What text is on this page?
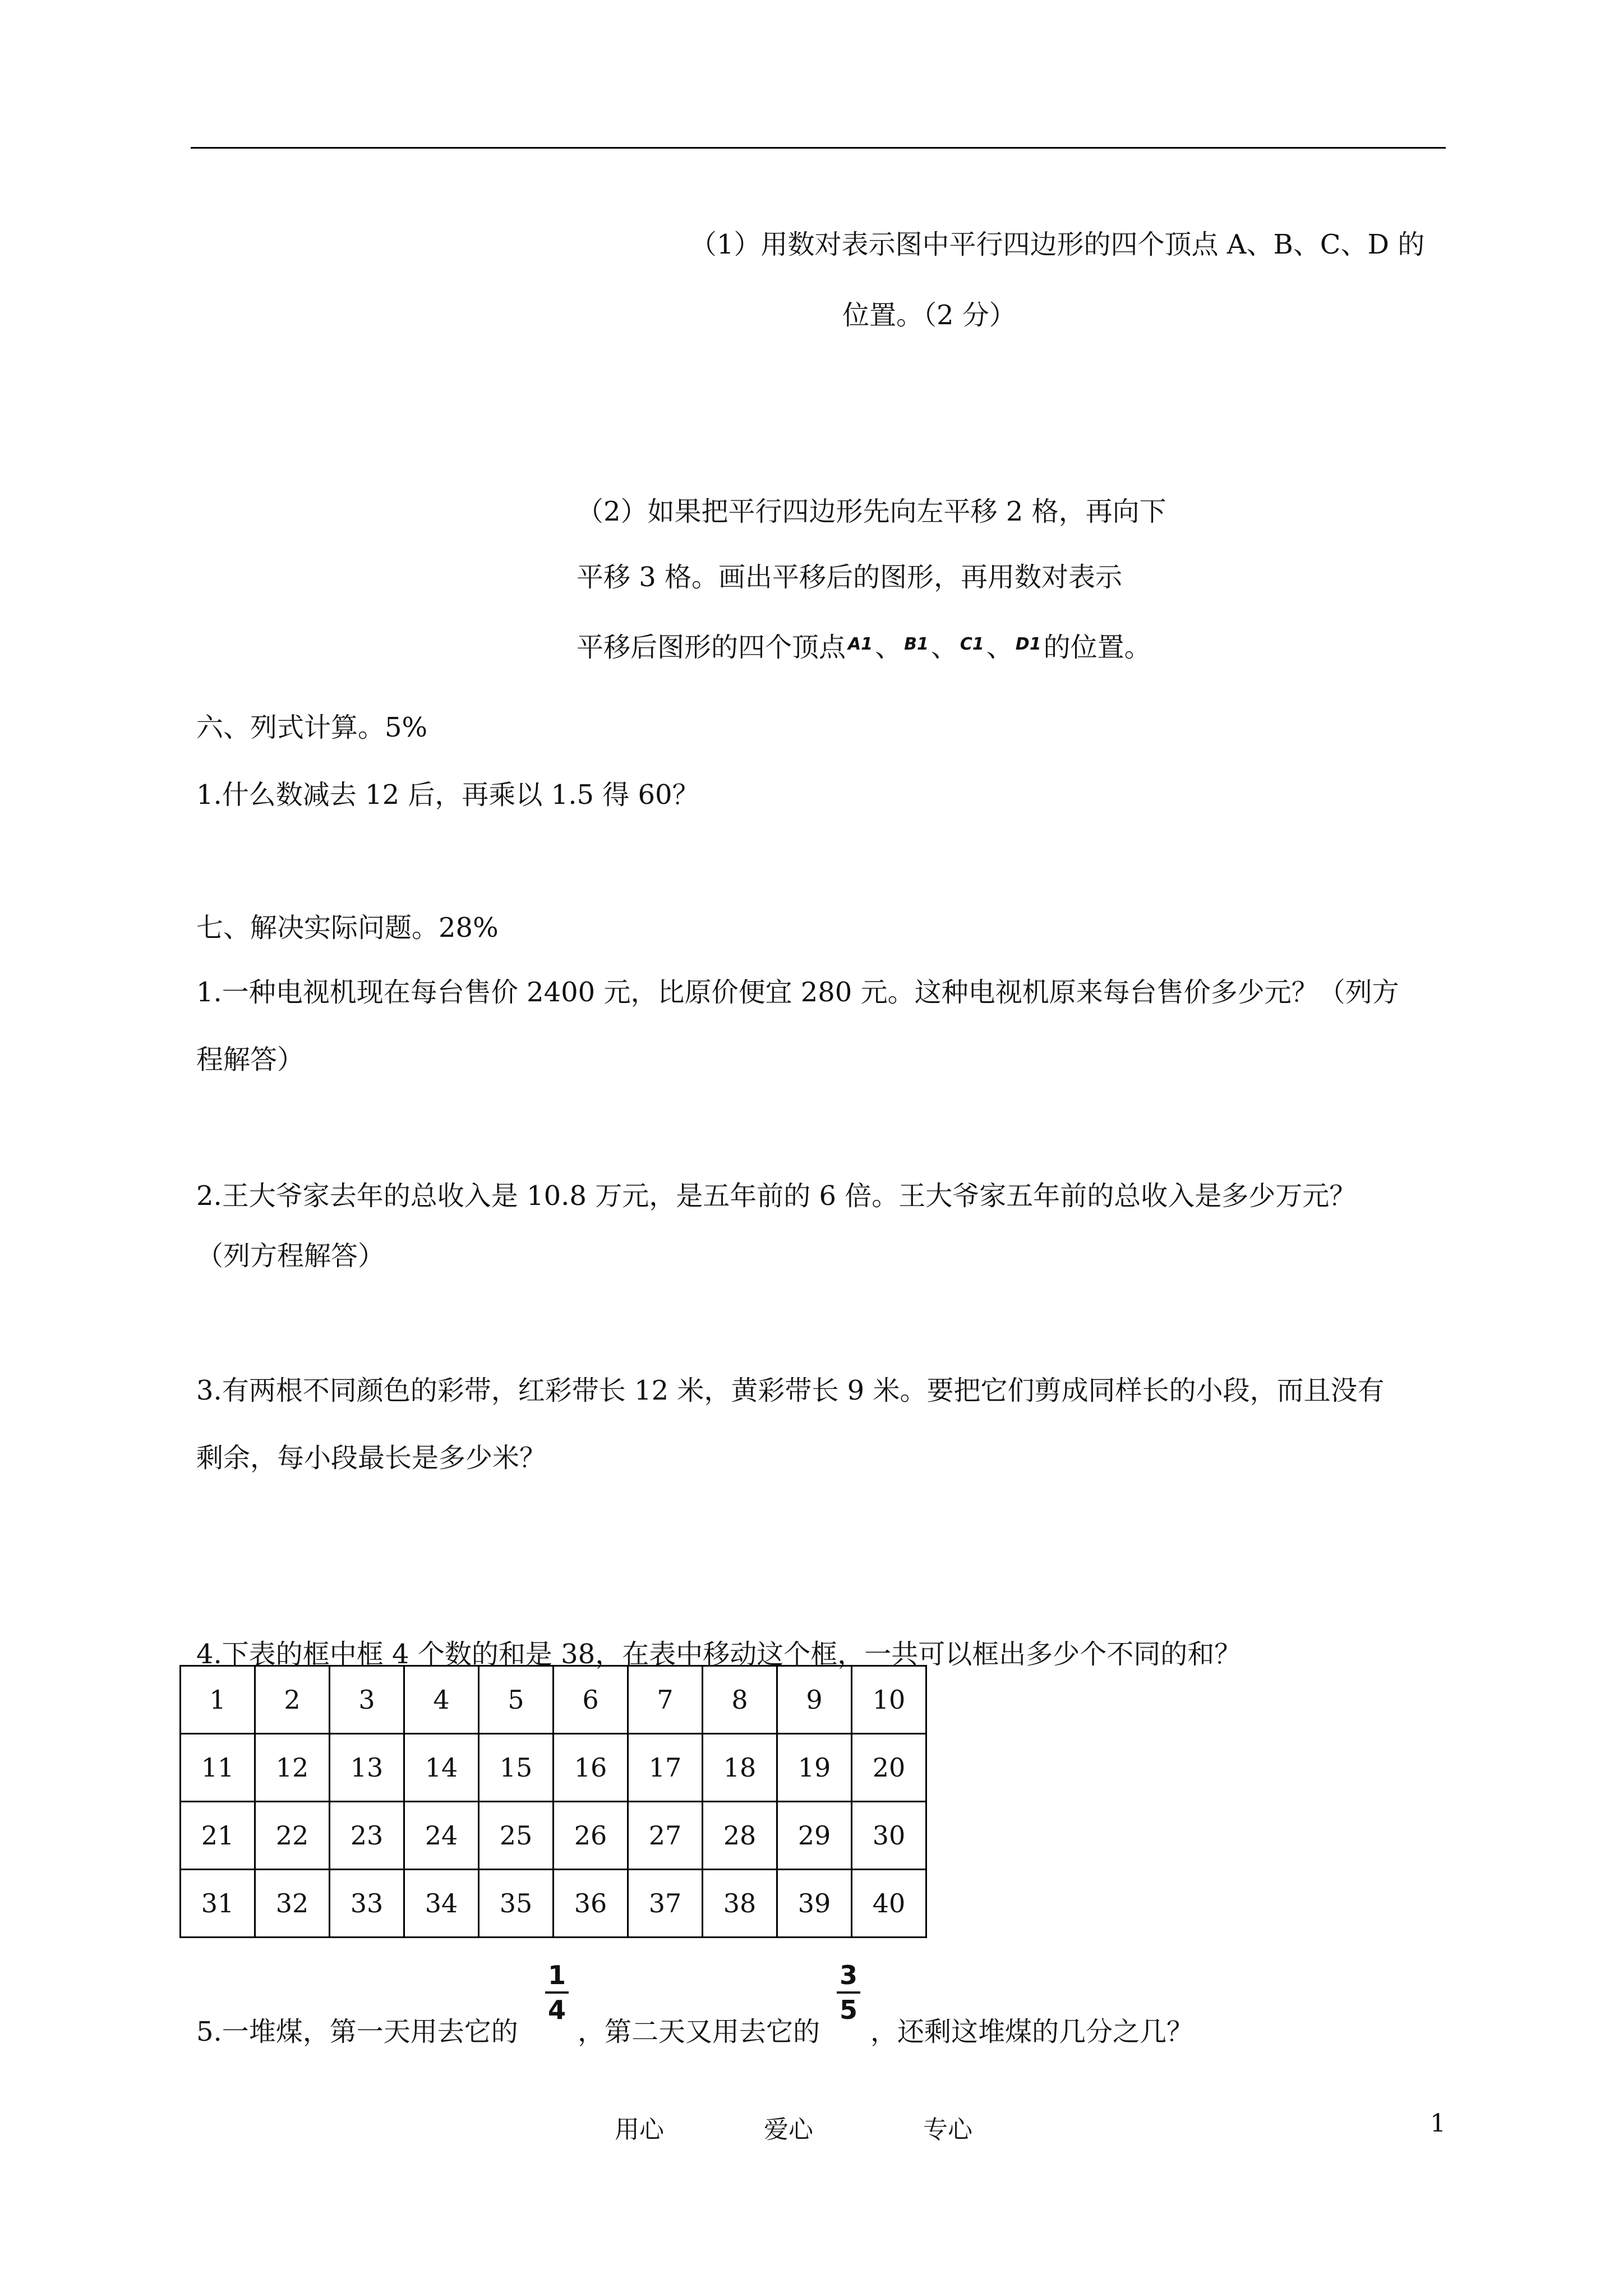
（1）用数对表示图中平行四边形的四个顶点 A、B、C、D 的
位置。（2 分）
（2）如果把平行四边形先向左平移 2 格，再向下
平移 3 格。画出平移后的图形，再用数对表示
平移后图形的四个顶点 A1、 B1、 C1、 D1的位置。
六、列式计算。5%
1.什么数减去 12 后，再乘以 1.5 得 60？
七、解决实际问题。28%
1.一种电视机现在每台售价 2400 元，比原价便宜 280 元。这种电视机原来每台售价多少元？（列方
程解答）
2.王大爷家去年的总收入是 10.8 万元，是五年前的 6 倍。王大爷家五年前的总收入是多少万元？
（列方程解答）
3.有两根不同颜色的彩带，红彩带长 12 米，黄彩带长 9 米。要把它们剪成同样长的小段，而且没有
剩余，每小段最长是多少米？
4.下表的框中框 4 个数的和是 38，在表中移动这个框，一共可以框出多少个不同的和？
1	2	3	4	5	6	7	8	9	10
11	12	13	14	15	16	17	18	19	20
21	22	23	24	25	26	27	28	29	30
31	32	33	34	35	36	37	38	39	40
1
4
3
5
5.一堆煤，第一天用去它的 ，第二天又用去它的 ，还剩这堆煤的几分之几？
用心	爱心	专心	1
